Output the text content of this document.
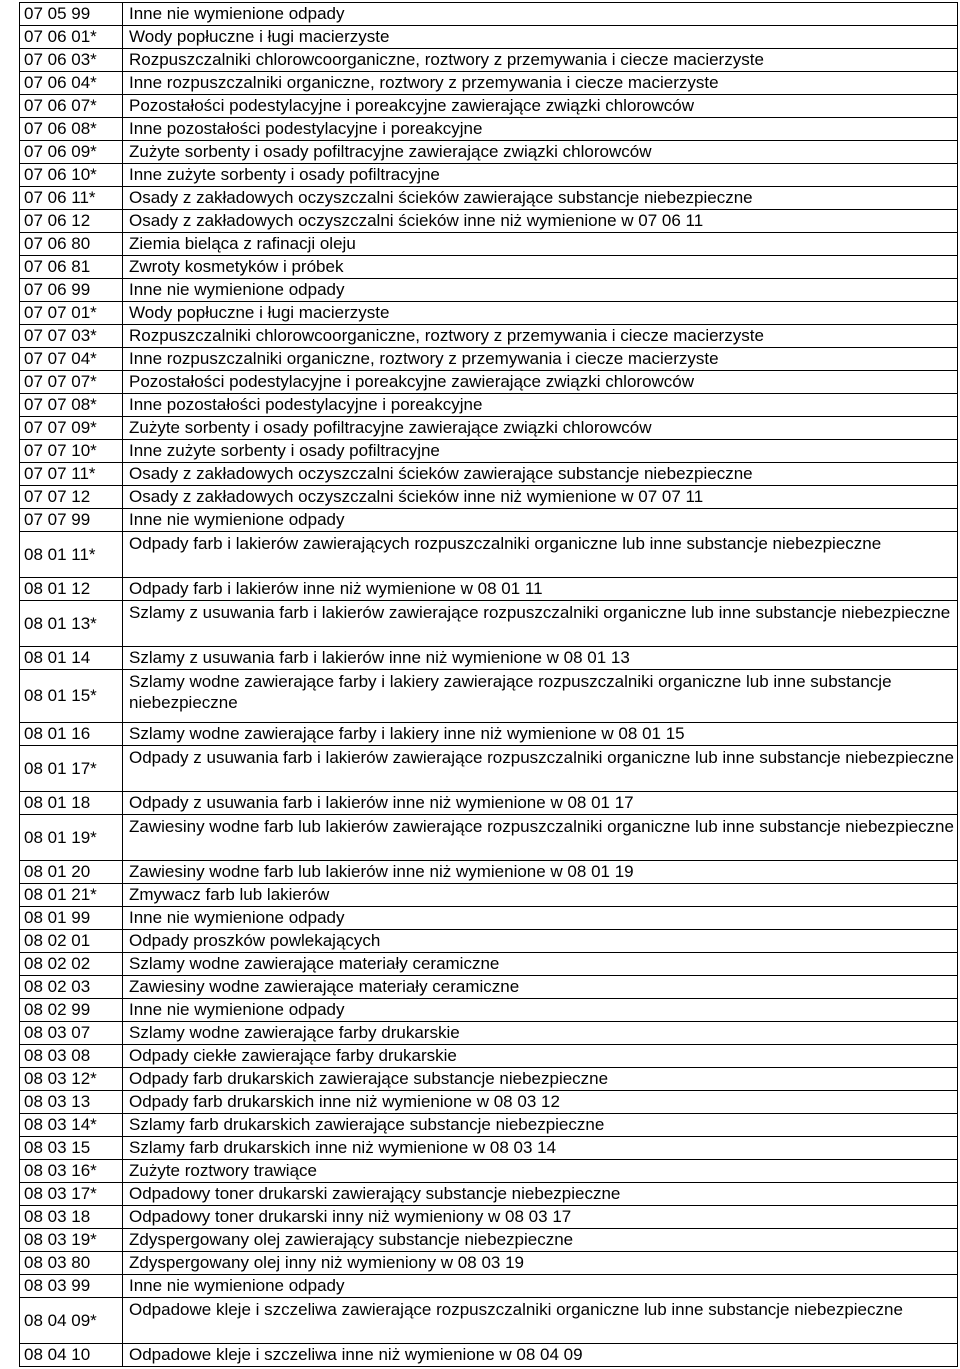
07 05 99	Inne nie wymienione odpady
07 06 01*	Wody popłuczne i ługi macierzyste
07 06 03*	Rozpuszczalniki chlorowcoorganiczne, roztwory z przemywania i ciecze macierzyste
07 06 04*	Inne rozpuszczalniki organiczne, roztwory z przemywania i ciecze macierzyste
07 06 07*	Pozostałości podestylacyjne i poreakcyjne zawierające związki chlorowców
07 06 08*	Inne pozostałości podestylacyjne i poreakcyjne
07 06 09*	Zużyte sorbenty i osady pofiltracyjne zawierające związki chlorowców
07 06 10*	Inne zużyte sorbenty i osady pofiltracyjne
07 06 11*	Osady z zakładowych oczyszczalni ścieków zawierające substancje niebezpieczne
07 06 12	Osady z zakładowych oczyszczalni ścieków inne niż wymienione w 07 06 11
07 06 80	Ziemia bieląca z rafinacji oleju
07 06 81	Zwroty kosmetyków i próbek
07 06 99	Inne nie wymienione odpady
07 07 01*	Wody popłuczne i ługi macierzyste
07 07 03*	Rozpuszczalniki chlorowcoorganiczne, roztwory z przemywania i ciecze macierzyste
07 07 04*	Inne rozpuszczalniki organiczne, roztwory z przemywania i ciecze macierzyste
07 07 07*	Pozostałości podestylacyjne i poreakcyjne zawierające związki chlorowców
07 07 08*	Inne pozostałości podestylacyjne i poreakcyjne
07 07 09*	Zużyte sorbenty i osady pofiltracyjne zawierające związki chlorowców
07 07 10*	Inne zużyte sorbenty i osady pofiltracyjne
07 07 11*	Osady z zakładowych oczyszczalni ścieków zawierające substancje niebezpieczne
07 07 12	Osady z zakładowych oczyszczalni ścieków inne niż wymienione w 07 07 11
07 07 99	Inne nie wymienione odpady
08 01 11*	Odpady farb i lakierów zawierających rozpuszczalniki organiczne lub inne substancje niebezpieczne
08 01 12	Odpady farb i lakierów inne niż wymienione w 08 01 11
08 01 13*	Szlamy z usuwania farb i lakierów zawierające rozpuszczalniki organiczne lub inne substancje niebezpieczne
08 01 14	Szlamy z usuwania farb i lakierów inne niż wymienione w 08 01 13
08 01 15*	Szlamy wodne zawierające farby i lakiery zawierające rozpuszczalniki organiczne lub inne substancje niebezpieczne
08 01 16	Szlamy wodne zawierające farby i lakiery inne niż wymienione w 08 01 15
08 01 17*	Odpady z usuwania farb i lakierów zawierające rozpuszczalniki organiczne lub inne substancje niebezpieczne
08 01 18	Odpady z usuwania farb i lakierów inne niż wymienione w 08 01 17
08 01 19*	Zawiesiny wodne farb lub lakierów zawierające rozpuszczalniki organiczne lub inne substancje niebezpieczne
08 01 20	Zawiesiny wodne farb lub lakierów inne niż wymienione w 08 01 19
08 01 21*	Zmywacz farb lub lakierów
08 01 99	Inne nie wymienione odpady
08 02 01	Odpady proszków powlekających
08 02 02	Szlamy wodne zawierające materiały ceramiczne
08 02 03	Zawiesiny wodne zawierające materiały ceramiczne
08 02 99	Inne nie wymienione odpady
08 03 07	Szlamy wodne zawierające farby drukarskie
08 03 08	Odpady ciekłe zawierające farby drukarskie
08 03 12*	Odpady farb drukarskich zawierające substancje niebezpieczne
08 03 13	Odpady farb drukarskich inne niż wymienione w 08 03 12
08 03 14*	Szlamy farb drukarskich zawierające substancje niebezpieczne
08 03 15	Szlamy farb drukarskich inne niż wymienione w 08 03 14
08 03 16*	Zużyte roztwory trawiące
08 03 17*	Odpadowy toner drukarski zawierający substancje niebezpieczne
08 03 18	Odpadowy toner drukarski inny niż wymieniony w 08 03 17
08 03 19*	Zdyspergowany olej zawierający substancje niebezpieczne
08 03 80	Zdyspergowany olej inny niż wymieniony w 08 03 19
08 03 99	Inne nie wymienione odpady
08 04 09*	Odpadowe kleje i szczeliwa zawierające rozpuszczalniki organiczne lub inne substancje niebezpieczne
08 04 10	Odpadowe kleje i szczeliwa inne niż wymienione w 08 04 09
